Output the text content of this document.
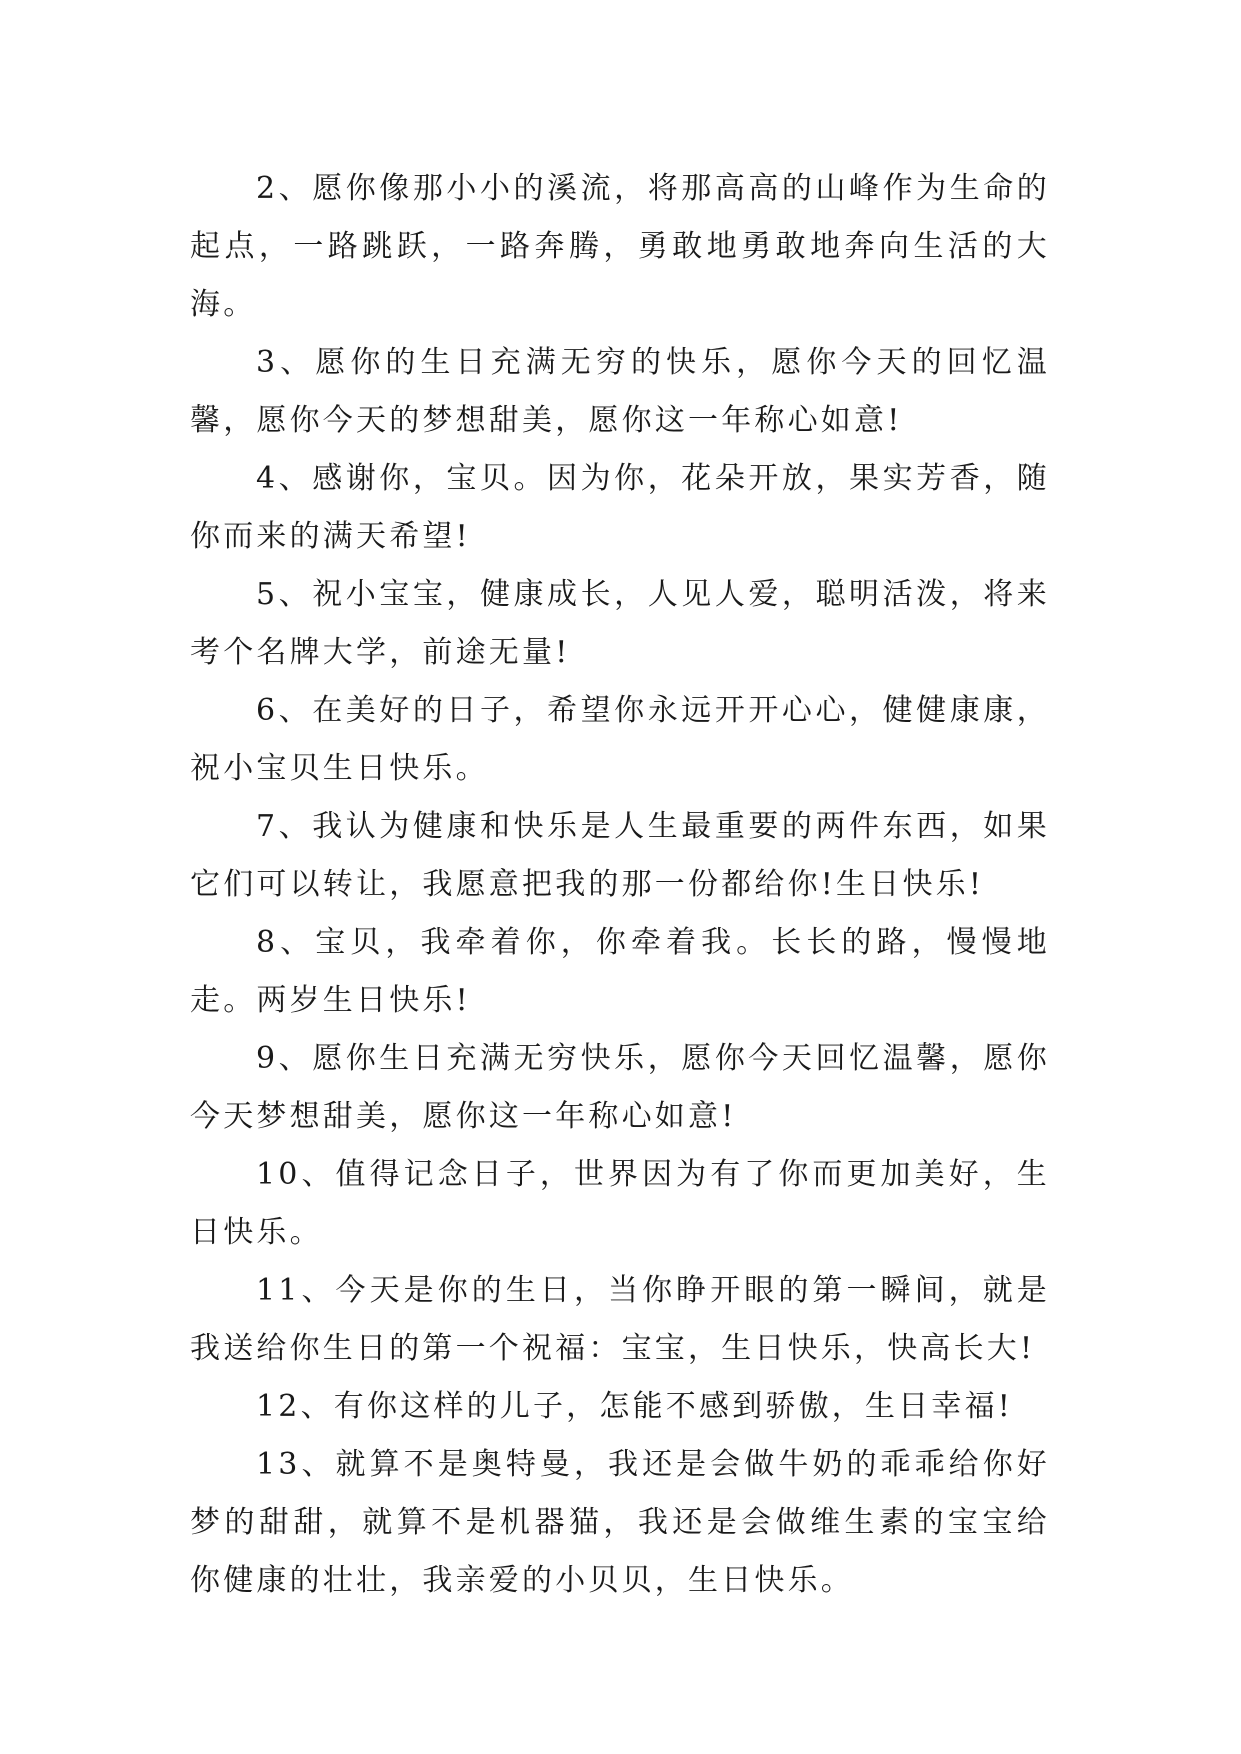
2、愿你像那小小的溪流，将那高高的山峰作为生命的起点，一路跳跃，一路奔腾，勇敢地勇敢地奔向生活的大海。

3、愿你的生日充满无穷的快乐，愿你今天的回忆温馨，愿你今天的梦想甜美，愿你这一年称心如意!

4、感谢你，宝贝。因为你，花朵开放，果实芳香，随你而来的满天希望!

5、祝小宝宝，健康成长，人见人爱，聪明活泼，将来考个名牌大学，前途无量!

6、在美好的日子，希望你永远开开心心，健健康康，祝小宝贝生日快乐。

7、我认为健康和快乐是人生最重要的两件东西，如果它们可以转让，我愿意把我的那一份都给你!生日快乐!

8、宝贝，我牵着你，你牵着我。长长的路，慢慢地走。两岁生日快乐!

9、愿你生日充满无穷快乐，愿你今天回忆温馨，愿你今天梦想甜美，愿你这一年称心如意!

10、值得记念日子，世界因为有了你而更加美好，生日快乐。

11、今天是你的生日，当你睁开眼的第一瞬间，就是我送给你生日的第一个祝福：宝宝，生日快乐，快高长大!

12、有你这样的儿子，怎能不感到骄傲，生日幸福!

13、就算不是奥特曼，我还是会做牛奶的乖乖给你好梦的甜甜，就算不是机器猫，我还是会做维生素的宝宝给你健康的壮壮，我亲爱的小贝贝，生日快乐。
